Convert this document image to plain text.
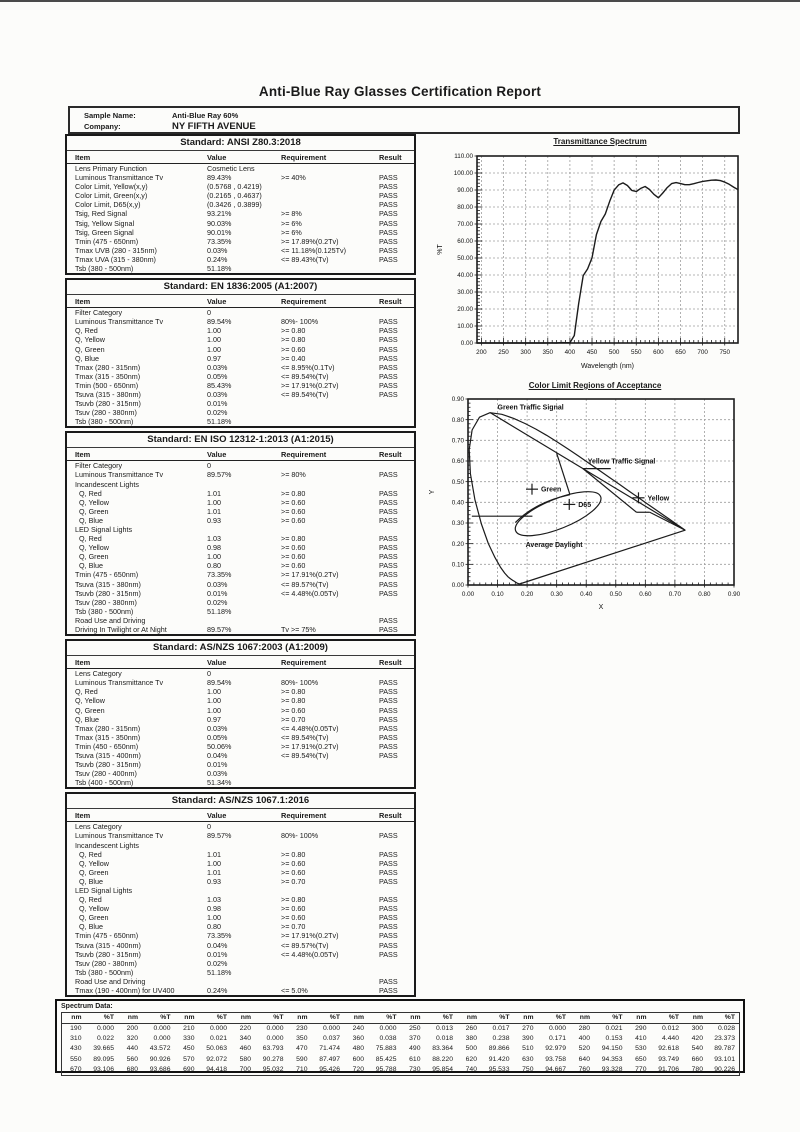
Anti-Blue Ray Glasses Certification Report
Sample Name:	Anti-Blue Ray 60%
Company:	NY FIFTH AVENUE
Standard: ANSI Z80.3:2018
Item	Value	Requirement	Result
Lens Primary Function	Cosmetic Lens		
Luminous Transmittance Tv	89.43%	>= 40%	PASS
Color Limit, Yellow(x,y)	(0.5768 , 0.4219)		PASS
Color Limit, Green(x,y)	(0.2165 , 0.4637)		PASS
Color Limit, D65(x,y)	(0.3426 , 0.3899)		PASS
Tsig, Red Signal	93.21%	>= 8%	PASS
Tsig, Yellow Signal	90.03%	>= 6%	PASS
Tsig, Green Signal	90.01%	>= 6%	PASS
Tmin (475 - 650nm)	73.35%	>= 17.89%(0.2Tv)	PASS
Tmax UVB (280 - 315nm)	0.03%	<= 11.18%(0.125Tv)	PASS
Tmax UVA (315 - 380nm)	0.24%	<= 89.43%(Tv)	PASS
Tsb (380 - 500nm)	51.18%		
Standard: EN 1836:2005 (A1:2007)
Item	Value	Requirement	Result
Filter Category	0		
Luminous Transmittance Tv	89.54%	80%- 100%	PASS
Q, Red	1.00	>= 0.80	PASS
Q, Yellow	1.00	>= 0.80	PASS
Q, Green	1.00	>= 0.60	PASS
Q, Blue	0.97	>= 0.40	PASS
Tmax (280 - 315nm)	0.03%	<= 8.95%(0.1Tv)	PASS
Tmax (315 - 350nm)	0.05%	<= 89.54%(Tv)	PASS
Tmin (500 - 650nm)	85.43%	>= 17.91%(0.2Tv)	PASS
Tsuva (315 - 380nm)	0.03%	<= 89.54%(Tv)	PASS
Tsuvb (280 - 315nm)	0.01%		
Tsuv (280 - 380nm)	0.02%		
Tsb (380 - 500nm)	51.18%		
Standard: EN ISO 12312-1:2013 (A1:2015)
Item	Value	Requirement	Result
Filter Category	0		
Luminous Transmittance Tv	89.57%	>= 80%	PASS
Incandescent Lights			
Q, Red	1.01	>= 0.80	PASS
Q, Yellow	1.00	>= 0.60	PASS
Q, Green	1.01	>= 0.60	PASS
Q, Blue	0.93	>= 0.60	PASS
LED Signal Lights			
Q, Red	1.03	>= 0.80	PASS
Q, Yellow	0.98	>= 0.60	PASS
Q, Green	1.00	>= 0.60	PASS
Q, Blue	0.80	>= 0.60	PASS
Tmin (475 - 650nm)	73.35%	>= 17.91%(0.2Tv)	PASS
Tsuva (315 - 380nm)	0.03%	<= 89.57%(Tv)	PASS
Tsuvb (280 - 315nm)	0.01%	<= 4.48%(0.05Tv)	PASS
Tsuv (280 - 380nm)	0.02%		
Tsb (380 - 500nm)	51.18%		
Road Use and Driving			PASS
Driving In Twilight or At Night	89.57%	Tv >= 75%	PASS
Standard: AS/NZS 1067:2003 (A1:2009)
Item	Value	Requirement	Result
Lens Category	0		
Luminous Transmittance Tv	89.54%	80%- 100%	PASS
Q, Red	1.00	>= 0.80	PASS
Q, Yellow	1.00	>= 0.80	PASS
Q, Green	1.00	>= 0.60	PASS
Q, Blue	0.97	>= 0.70	PASS
Tmax (280 - 315nm)	0.03%	<= 4.48%(0.05Tv)	PASS
Tmax (315 - 350nm)	0.05%	<= 89.54%(Tv)	PASS
Tmin (450 - 650nm)	50.06%	>= 17.91%(0.2Tv)	PASS
Tsuva (315 - 400nm)	0.04%	<= 89.54%(Tv)	PASS
Tsuvb (280 - 315nm)	0.01%		
Tsuv (280 - 400nm)	0.03%		
Tsb (400 - 500nm)	51.34%		
Standard: AS/NZS 1067.1:2016
Item	Value	Requirement	Result
Lens Category	0		
Luminous Transmittance Tv	89.57%	80%- 100%	PASS
Incandescent Lights			
Q, Red	1.01	>= 0.80	PASS
Q, Yellow	1.00	>= 0.60	PASS
Q, Green	1.01	>= 0.60	PASS
Q, Blue	0.93	>= 0.70	PASS
LED Signal Lights			
Q, Red	1.03	>= 0.80	PASS
Q, Yellow	0.98	>= 0.60	PASS
Q, Green	1.00	>= 0.60	PASS
Q, Blue	0.80	>= 0.70	PASS
Tmin (475 - 650nm)	73.35%	>= 17.91%(0.2Tv)	PASS
Tsuva (315 - 400nm)	0.04%	<= 89.57%(Tv)	PASS
Tsuvb (280 - 315nm)	0.01%	<= 4.48%(0.05Tv)	PASS
Tsuv (280 - 380nm)	0.02%		
Tsb (380 - 500nm)	51.18%		
Road Use and Driving			PASS
Tmax (190 - 400nm) for UV400	0.24%	<= 5.0%	PASS
Transmittance Spectrum
0.00
10.00
20.00
30.00
40.00
50.00
60.00
70.00
80.00
90.00
100.00
110.00
200 250 300 350 400 450 500 550 600 650 700 750
%T
Wavelength (nm)
Color Limit Regions of Acceptance
0.00
0.00
0.10
0.10
0.20
0.20
0.30
0.30
0.40
0.40
0.50
0.50
0.60
0.60
0.70
0.70
0.80
0.80
0.90
0.90
X
Y	Green
D65
Yellow
Green Traffic Signal
Yellow Traffic Signal
Average Daylight
Spectrum Data:
nm	%T	nm	%T	nm	%T	nm	%T	nm	%T	nm	%T	nm	%T	nm	%T	nm	%T	nm	%T	nm	%T	nm	%T
190	0.000	200	0.000	210	0.000	220	0.000	230	0.000	240	0.000	250	0.013	260	0.017	270	0.000	280	0.021	290	0.012	300	0.028
310	0.022	320	0.000	330	0.021	340	0.000	350	0.037	360	0.038	370	0.018	380	0.238	390	0.171	400	0.153	410	4.440	420	23.373
430	39.665	440	43.572	450	50.063	460	63.793	470	71.474	480	75.883	490	83.364	500	89.866	510	92.979	520	94.150	530	92.618	540	89.787
550	89.095	560	90.926	570	92.072	580	90.278	590	87.497	600	85.425	610	88.220	620	91.420	630	93.758	640	94.353	650	93.749	660	93.101
670	93.106	680	93.686	690	94.418	700	95.032	710	95.426	720	95.788	730	95.854	740	95.533	750	94.667	760	93.328	770	91.706	780	90.226
